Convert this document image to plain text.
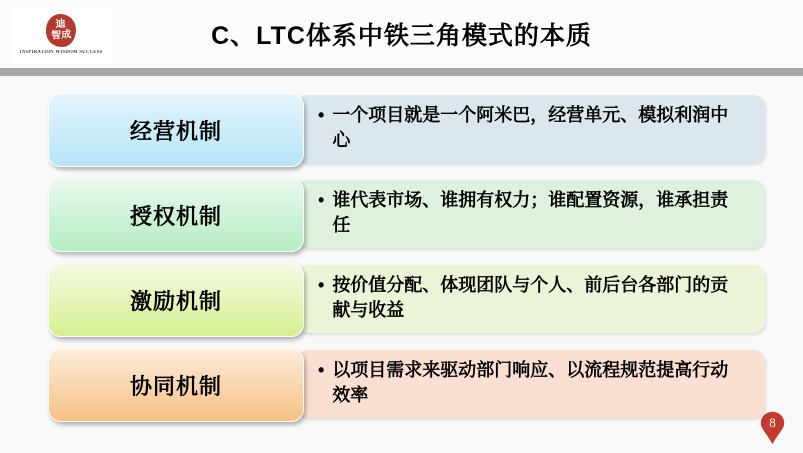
C、LTC体系中铁三角模式的本质
迪
智成
INSPIRATION WISDOM SUCCESS
• 一个项目就是一个阿米巴，经营单元、模拟利润中心
经营机制
• 谁代表市场、谁拥有权力；谁配置资源，谁承担责任
授权机制
• 按价值分配、体现团队与个人、前后台各部门的贡献与收益
激励机制
• 以项目需求来驱动部门响应、以流程规范提高行动效率
协同机制
8
